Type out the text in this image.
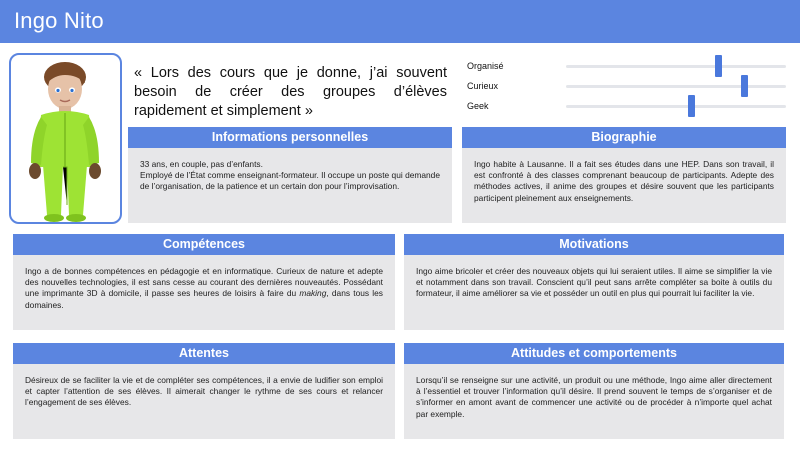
Ingo Nito
« Lors des cours que je donne, j’ai souvent besoin de créer des groupes d’élèves rapidement et simplement »
Organisé
Curieux
Geek
Informations personnelles

33 ans, en couple, pas d’enfants.

Employé de l’État comme enseignant-formateur. Il occupe un poste qui demande de l’organisation, de la patience et un certain don pour l’improvisation.

Biographie

Ingo habite à Lausanne. Il a fait ses études dans une HEP. Dans son travail, il est confronté à des classes comprenant beaucoup de participants. Adepte des méthodes actives, il anime des groupes et désire souvent que les participants participent pleinement aux enseignements.

Compétences

Ingo a de bonnes compétences en pédagogie et en informatique. Curieux de nature et adepte des nouvelles technologies, il est sans cesse au courant des dernières nouveautés. Possédant une imprimante 3D à domicile, il passe ses heures de loisirs à faire du making, dans tous les domaines.

Motivations

Ingo aime bricoler et créer des nouveaux objets qui lui seraient utiles. Il aime se simplifier la vie et notamment dans son travail. Conscient qu’il peut sans arrête compléter sa boite à outils du formateur, il aime améliorer sa vie et posséder un outil en plus qui pourrait lui faciliter la vie.

Attentes

Désireux de se faciliter la vie et de compléter ses compétences, il a envie de ludifier son emploi et capter l’attention de ses élèves. Il aimerait changer le rythme de ses cours et relancer l’engagement de ses élèves.

Attitudes et comportements

Lorsqu’il se renseigne sur une activité, un produit ou une méthode, Ingo aime aller directement à l’essentiel et trouver l’information qu’il désire. Il prend souvent le temps de s’organiser et de s’informer en amont avant de commencer une activité ou de procéder à n’importe quel achat par exemple.
